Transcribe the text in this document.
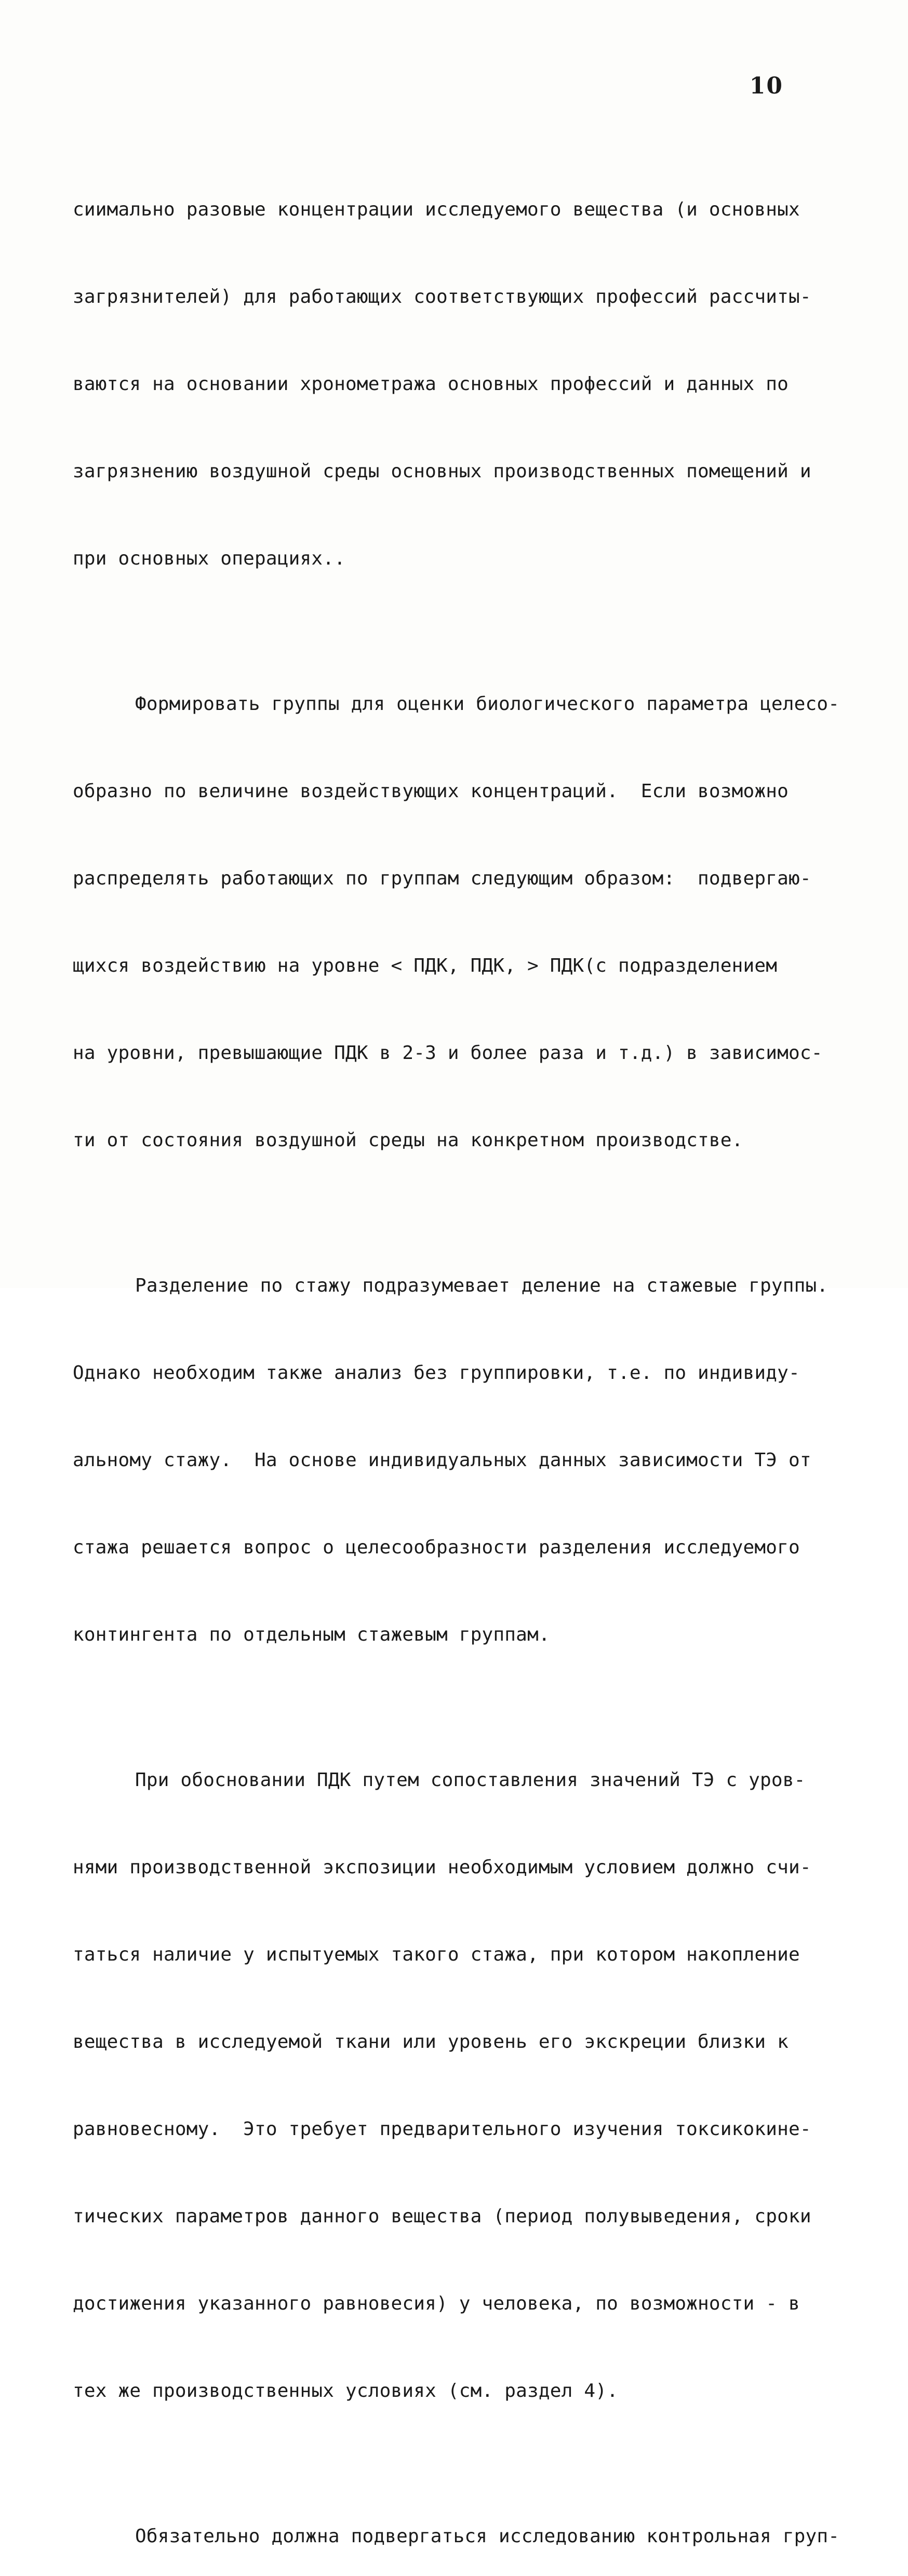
10

сиимально разовые концентрации исследуемого вещества (и основных

загрязнителей) для работающих соответствующих профессий рассчиты-

ваются на основании хронометража основных профессий и данных по

загрязнению воздушной среды основных производственных помещений и

при основных операциях..

Формировать группы для оценки биологического параметра целесо-

образно по величине воздействующих концентраций.  Если возможно

распределять работающих по группам следующим образом:  подвергаю-

щихся воздействию на уровне < ПДК, ПДК, > ПДК(с подразделением

на уровни, превышающие ПДК в 2-3 и более раза и т.д.) в зависимос-

ти от состояния воздушной среды на конкретном производстве.

Разделение по стажу подразумевает деление на стажевые группы.

Однако необходим также анализ без группировки, т.е. по индивиду-

альному стажу.  На основе индивидуальных данных зависимости ТЭ от

стажа решается вопрос о целесообразности разделения исследуемого

контингента по отдельным стажевым группам.

При обосновании ПДК путем сопоставления значений ТЭ с уров-

нями производственной экспозиции необходимым условием должно счи-

таться наличие у испытуемых такого стажа, при котором накопление

вещества в исследуемой ткани или уровень его экскреции близки к

равновесному.  Это требует предварительного изучения токсикокине-

тических параметров данного вещества (период полувыведения, сроки

достижения указанного равновесия) у человека, по возможности - в

тех же производственных условиях (см. раздел 4).

Обязательно должна подвергаться исследованию контрольная груп-
